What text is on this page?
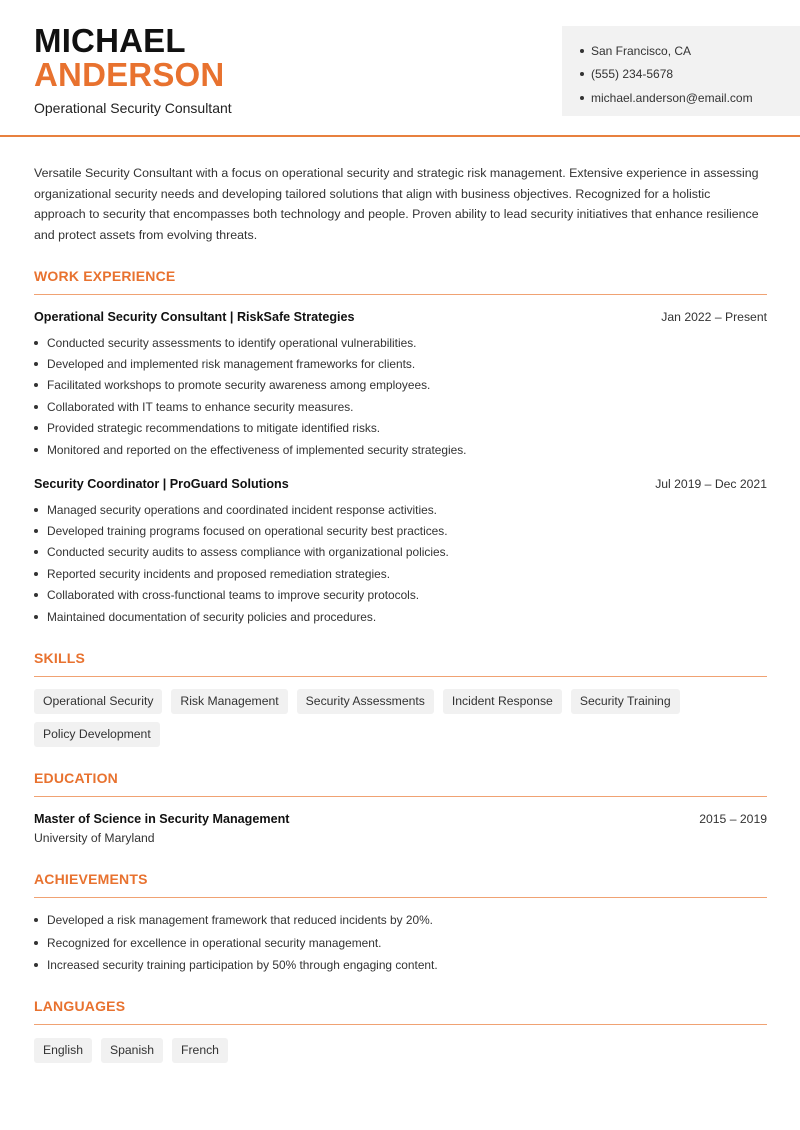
MICHAEL
ANDERSON
Operational Security Consultant
San Francisco, CA
(555) 234-5678
michael.anderson@email.com

Versatile Security Consultant with a focus on operational security and strategic risk management. Extensive experience in assessing organizational security needs and developing tailored solutions that align with business objectives. Recognized for a holistic approach to security that encompasses both technology and people. Proven ability to lead security initiatives that enhance resilience and protect assets from evolving threats.

WORK EXPERIENCE
Operational Security Consultant | RiskSafe Strategies	Jan 2022 – Present
Conducted security assessments to identify operational vulnerabilities.
Developed and implemented risk management frameworks for clients.
Facilitated workshops to promote security awareness among employees.
Collaborated with IT teams to enhance security measures.
Provided strategic recommendations to mitigate identified risks.
Monitored and reported on the effectiveness of implemented security strategies.
Security Coordinator | ProGuard Solutions	Jul 2019 – Dec 2021
Managed security operations and coordinated incident response activities.
Developed training programs focused on operational security best practices.
Conducted security audits to assess compliance with organizational policies.
Reported security incidents and proposed remediation strategies.
Collaborated with cross-functional teams to improve security protocols.
Maintained documentation of security policies and procedures.
SKILLS
Operational Security	Risk Management	Security Assessments	Incident Response	Security Training
Policy Development
EDUCATION
Master of Science in Security Management	2015 – 2019
University of Maryland
ACHIEVEMENTS
Developed a risk management framework that reduced incidents by 20%.
Recognized for excellence in operational security management.
Increased security training participation by 50% through engaging content.
LANGUAGES
English	Spanish	French
